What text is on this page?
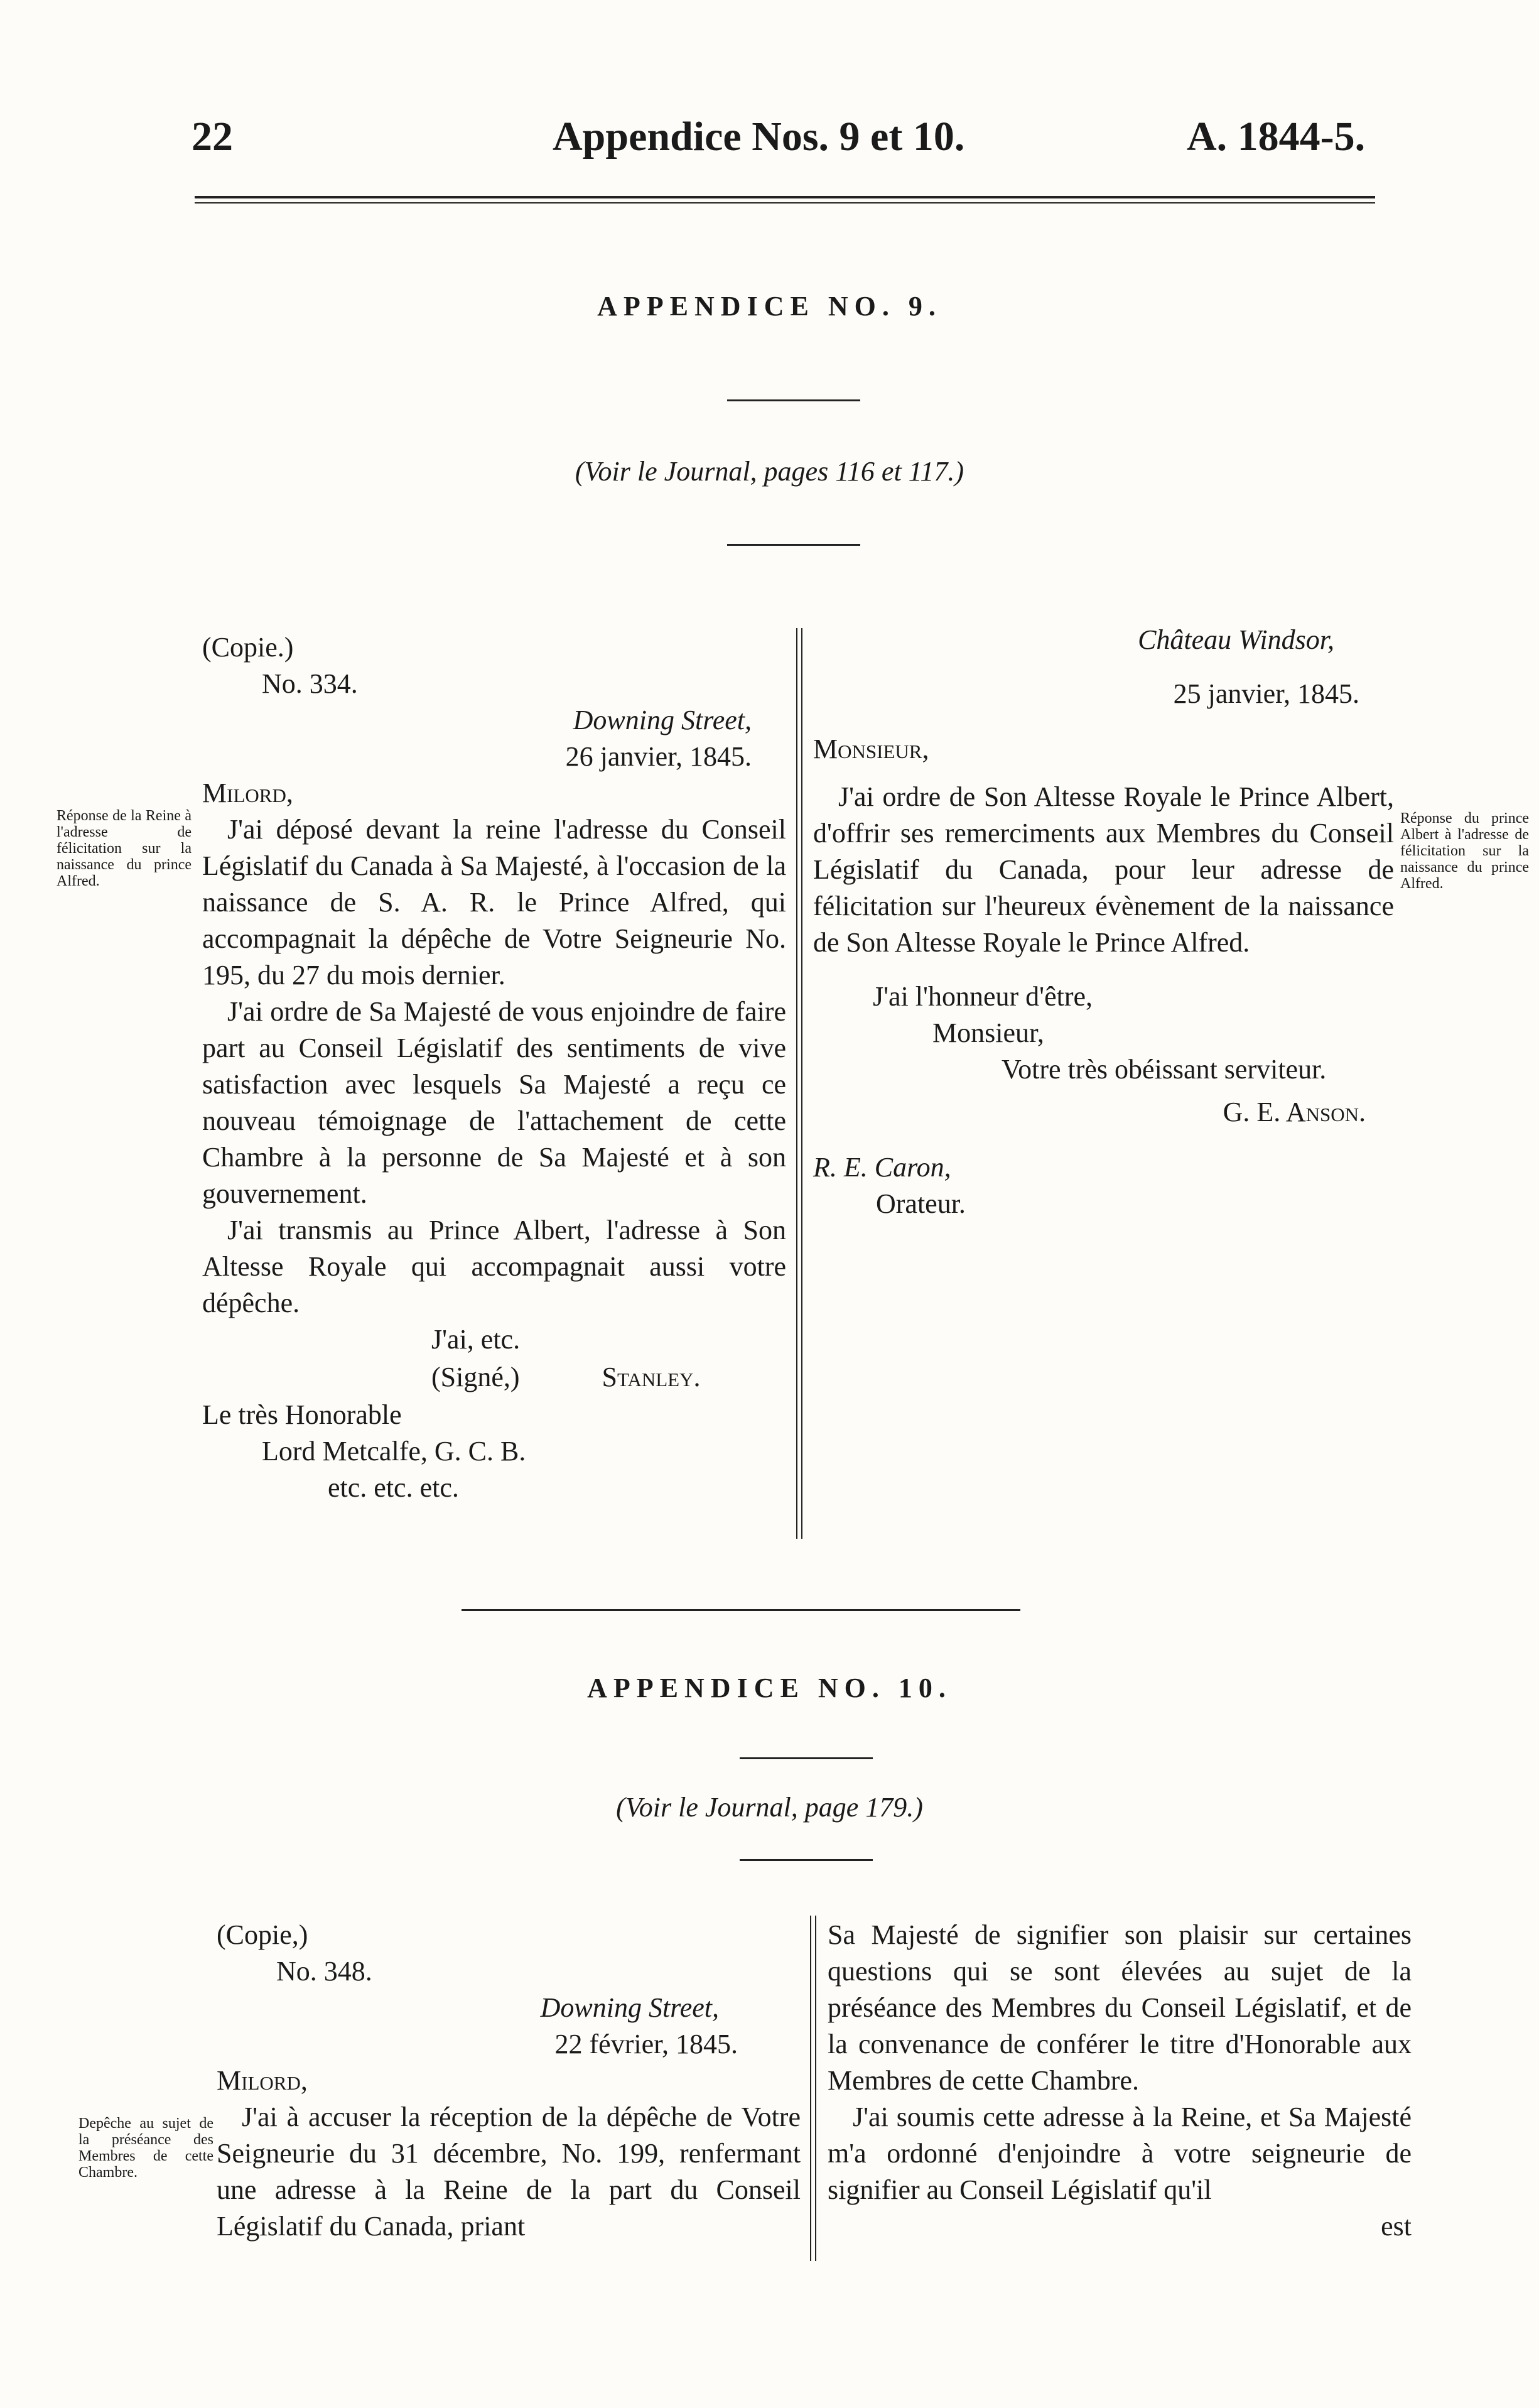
22	Appendice Nos. 9 et 10.	A. 1844-5.
APPENDICE NO. 9.
(Voir le Journal, pages 116 et 117.)
Réponse de la Reine à l'adresse de félicitation sur la naissance du prince Alfred.

(Copie.)

No. 334.

Downing Street,

26 janvier, 1845.

Milord,

J'ai déposé devant la reine l'adresse du Conseil Législatif du Canada à Sa Majesté, à l'occasion de la naissance de S. A. R. le Prince Alfred, qui accompagnait la dépêche de Votre Seigneurie No. 195, du 27 du mois dernier.

J'ai ordre de Sa Majesté de vous enjoindre de faire part au Conseil Législatif des sentiments de vive satisfaction avec lesquels Sa Majesté a reçu ce nouveau témoignage de l'attachement de cette Chambre à la personne de Sa Majesté et à son gouvernement.

J'ai transmis au Prince Albert, l'adresse à Son Altesse Royale qui accompagnait aussi votre dépêche.

J'ai, etc.

(Signé,)	Stanley.

Le très Honorable

Lord Metcalfe, G. C. B.

etc. etc. etc.

Château Windsor,

25 janvier, 1845.

Monsieur,

J'ai ordre de Son Altesse Royale le Prince Albert, d'offrir ses remerciments aux Membres du Conseil Législatif du Canada, pour leur adresse de félicitation sur l'heureux évènement de la naissance de Son Altesse Royale le Prince Alfred.

J'ai l'honneur d'être,

Monsieur,

Votre très obéissant serviteur.

G. E. Anson.

R. E. Caron,

Orateur.

Réponse du prince Albert à l'adresse de félicitation sur la naissance du prince Alfred.
APPENDICE NO. 10.
(Voir le Journal, page 179.)
Depêche au sujet de la préséance des Membres de cette Chambre.

(Copie,)

No. 348.

Downing Street,

22 février, 1845.

Milord,

J'ai à accuser la réception de la dépêche de Votre Seigneurie du 31 décembre, No. 199, renfermant une adresse à la Reine de la part du Conseil Législatif du Canada, priant

Sa Majesté de signifier son plaisir sur certaines questions qui se sont élevées au sujet de la préséance des Membres du Conseil Législatif, et de la convenance de conférer le titre d'Honorable aux Membres de cette Chambre.

J'ai soumis cette adresse à la Reine, et Sa Majesté m'a ordonné d'enjoindre à votre seigneurie de signifier au Conseil Législatif qu'il

est
